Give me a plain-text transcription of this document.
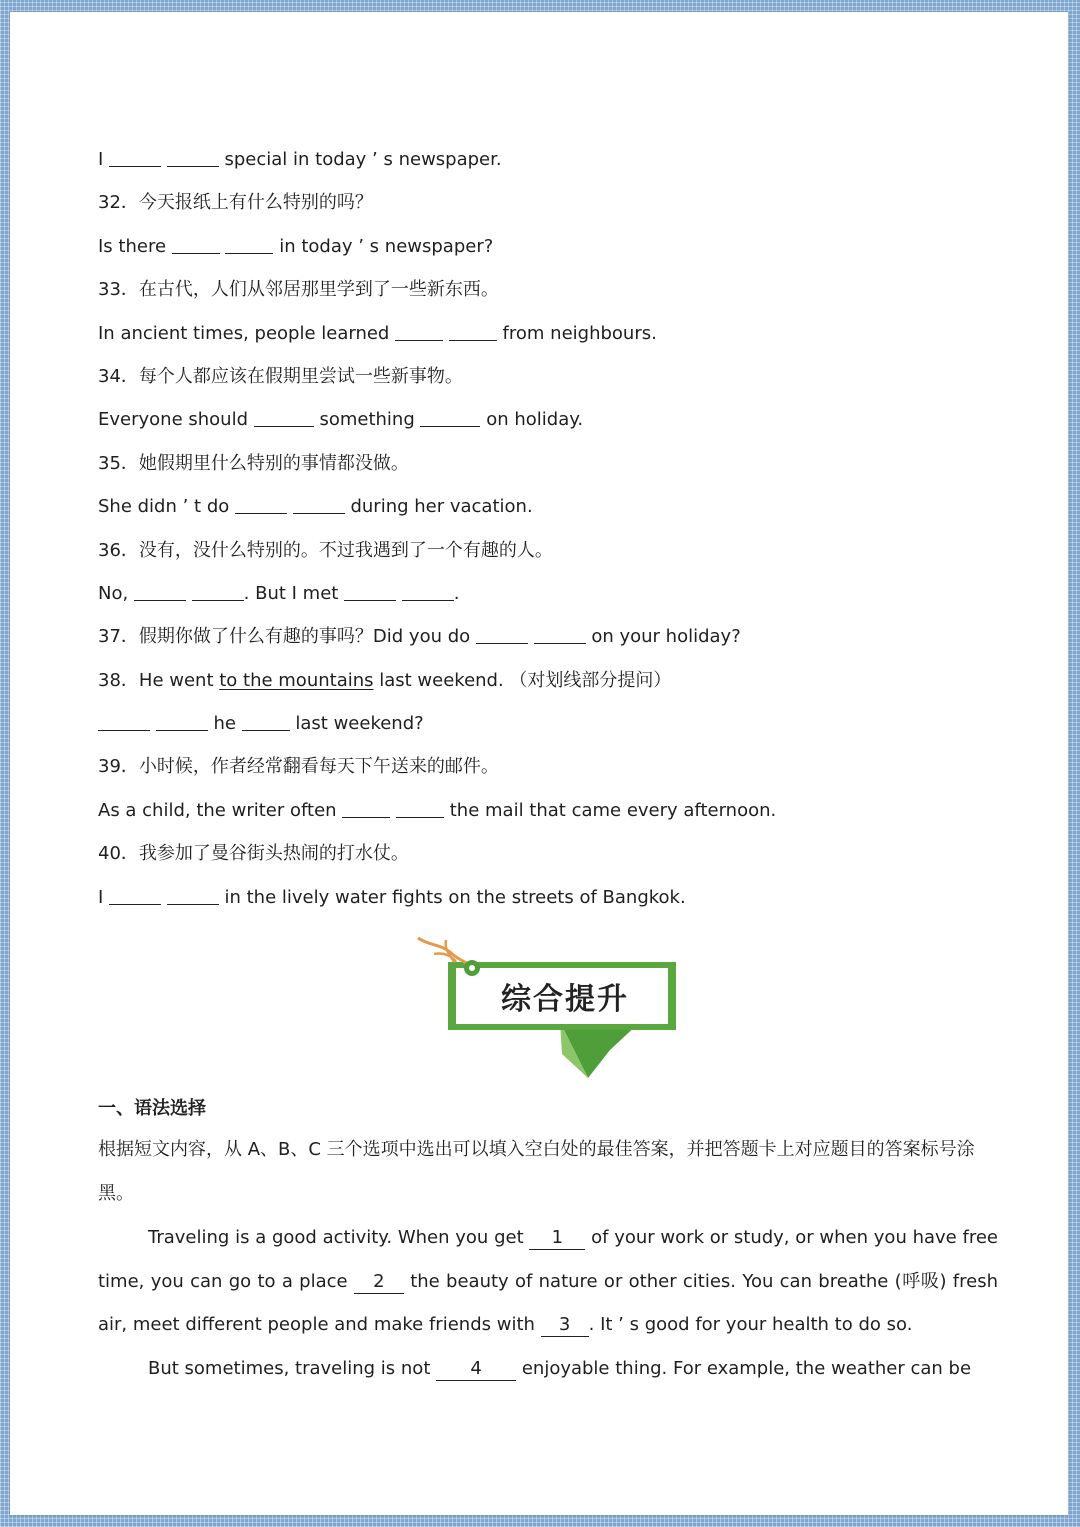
I	special in today ’ s newspaper.
32．今天报纸上有什么特别的吗？
Is there	in today ’ s newspaper?
33．在古代，人们从邻居那里学到了一些新东西。
In ancient times, people learned	from neighbours.
34．每个人都应该在假期里尝试一些新事物。
Everyone should	something	on holiday.
35．她假期里什么特别的事情都没做。
She didn ’ t do	during her vacation.
36．没有，没什么特别的。不过我遇到了一个有趣的人。
No,	. But I met	.
37．假期你做了什么有趣的事吗？Did you do	on your holiday?
38．He went to the mountains last weekend. （对划线部分提问）
he	last weekend?
39．小时候，作者经常翻看每天下午送来的邮件。
As a child, the writer often	the mail that came every afternoon.
40．我参加了曼谷街头热闹的打水仗。
I	in the lively water fights on the streets of Bangkok.
综合提升
一、语法选择
根据短文内容，从 A、B、C 三个选项中选出可以填入空白处的最佳答案，并把答题卡上对应题目的答案标号涂黑。
Traveling is a good activity. When you get 1 of your work or study, or when you have free time, you can go to a place 2 the beauty of nature or other cities. You can breathe (呼吸) fresh air, meet different people and make friends with 3 . It ’ s good for your health to do so.
But sometimes, traveling is not 4 enjoyable thing. For example, the weather can be
